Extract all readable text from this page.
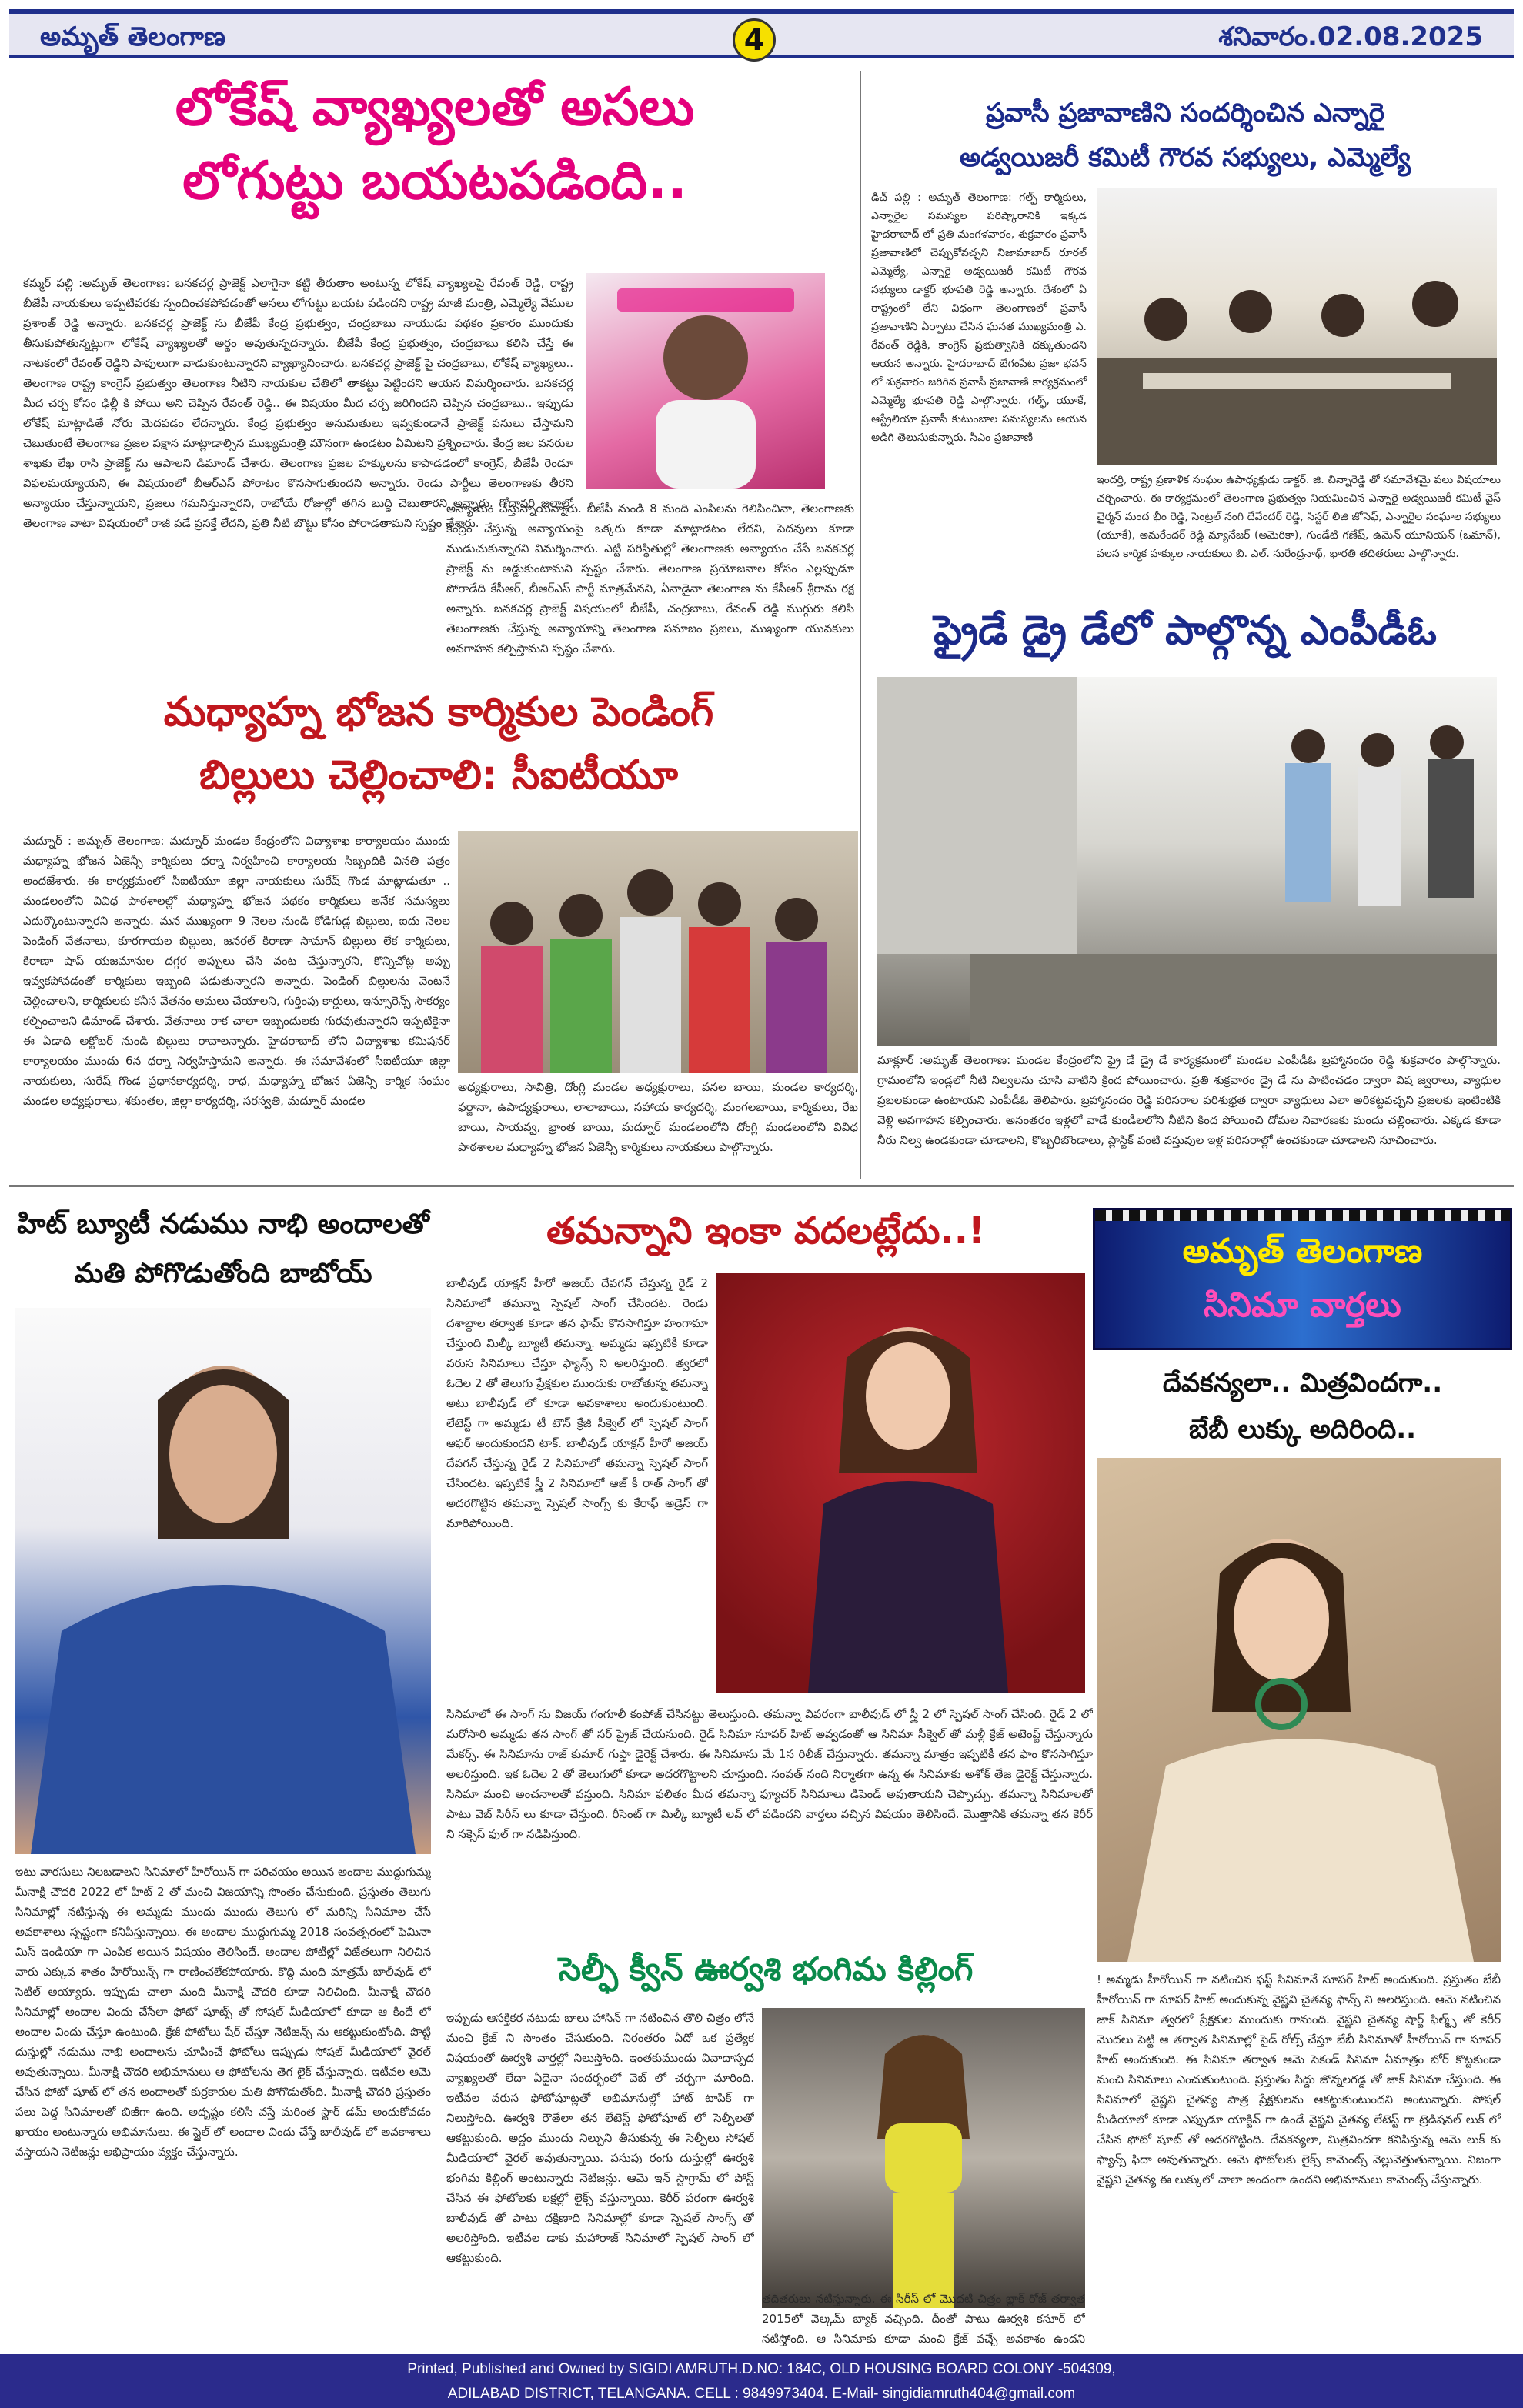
అమృత్ తెలంగాణ	4	శనివారం.02.08.2025
లోకేష్ వ్యాఖ్యలతో అసలు
లోగుట్టు బయటపడింది..
కమ్మర్ పల్లి :అమృత్ తెలంగాణ: బనకచర్ల ప్రాజెక్ట్ ఎలాగైనా కట్టి తీరుతాం అంటున్న లోకేష్ వ్యాఖ్యలపై రేవంత్ రెడ్డి, రాష్ట్ర బీజేపీ నాయకులు ఇప్పటివరకు స్పందించకపోవడంతో అసలు లోగుట్టు బయట పడిందని రాష్ట్ర మాజీ మంత్రి, ఎమ్మెల్యే వేముల ప్రశాంత్ రెడ్డి అన్నారు. బనకచర్ల ప్రాజెక్ట్ ను బీజేపీ కేంద్ర ప్రభుత్వం, చంద్రబాబు నాయుడు పథకం ప్రకారం ముందుకు తీసుకుపోతున్నట్లుగా లోకేష్ వ్యాఖ్యలతో అర్థం అవుతున్నదన్నారు. బీజేపీ కేంద్ర ప్రభుత్వం, చంద్రబాబు కలిసి చేస్తే ఈ నాటకంలో రేవంత్ రెడ్డిని పావులుగా వాడుకుంటున్నారని వ్యాఖ్యానించారు. బనకచర్ల ప్రాజెక్ట్ పై చంద్రబాబు, లోకేష్ వ్యాఖ్యలు.. తెలంగాణ రాష్ట్ర కాంగ్రెస్ ప్రభుత్వం తెలంగాణ నీటిని నాయకుల చేతిలో తాకట్టు పెట్టిందని ఆయన విమర్శించారు. బనకచర్ల మీద చర్చ కోసం ఢిల్లీ కి పోయి అని చెప్పిన రేవంత్ రెడ్డి.. ఈ విషయం మీద చర్చ జరిగిందని చెప్పిన చంద్రబాబు.. ఇప్పుడు లోకేష్ మాట్లాడితే నోరు మెదపడం లేదన్నారు. కేంద్ర ప్రభుత్వం అనుమతులు ఇవ్వకుండానే ప్రాజెక్ట్ పనులు చేస్తామని చెబుతుంటే తెలంగాణ ప్రజల పక్షాన మాట్లాడాల్సిన ముఖ్యమంత్రి మౌనంగా ఉండటం ఏమిటని ప్రశ్నించారు. కేంద్ర జల వనరుల శాఖకు లేఖ రాసి ప్రాజెక్ట్ ను ఆపాలని డిమాండ్ చేశారు. తెలంగాణ ప్రజల హక్కులను కాపాడడంలో కాంగ్రెస్, బీజేపీ రెండూ విఫలమయ్యాయని, ఈ విషయంలో బీఆర్ఎస్ పోరాటం కొనసాగుతుందని అన్నారు. రెండు పార్టీలు తెలంగాణకు తీరని అన్యాయం చేస్తున్నాయని, ప్రజలు గమనిస్తున్నారని, రాబోయే రోజుల్లో తగిన బుద్ధి చెబుతారని అన్నారు. గోదావరి జలాల్లో తెలంగాణ వాటా విషయంలో రాజీ పడే ప్రసక్తే లేదని, ప్రతి నీటి బొట్టు కోసం పోరాడతామని స్పష్టం చేశారు.
అన్యాయం చేస్తున్నాయన్నారు. బీజేపీ నుండి 8 మంది ఎంపిలను గెలిపించినా, తెలంగాణకు కేంద్రం చేస్తున్న అన్యాయంపై ఒక్కరు కూడా మాట్లాడటం లేదని, పెదవులు కూడా ముడుచుకున్నారని విమర్శించారు. ఎట్టి పరిస్థితుల్లో తెలంగాణకు అన్యాయం చేసే బనకచర్ల ప్రాజెక్ట్ ను అడ్డుకుంటామని స్పష్టం చేశారు. తెలంగాణ ప్రయోజనాల కోసం ఎల్లప్పుడూ పోరాడేది కేసీఆర్, బీఆర్ఎస్ పార్టీ మాత్రమేనని, ఏనాడైనా తెలంగాణ ను కేసీఆర్ శ్రీరామ రక్ష అన్నారు. బనకచర్ల ప్రాజెక్ట్ విషయంలో బీజేపీ, చంద్రబాబు, రేవంత్ రెడ్డి ముగ్గురు కలిసి తెలంగాణకు చేస్తున్న అన్యాయాన్ని తెలంగాణ సమాజం ప్రజలు, ముఖ్యంగా యువకులు అవగాహన కల్పిస్తామని స్పష్టం చేశారు.
ప్రవాసీ ప్రజావాణిని సందర్శించిన ఎన్నారై
అడ్వయిజరీ కమిటీ గౌరవ సభ్యులు, ఎమ్మెల్యే
డిచ్ పల్లి : అమృత్ తెలంగాణ: గల్ఫ్ కార్మికులు, ఎన్నారైల సమస్యల పరిష్కారానికి ఇక్కడ హైదరాబాద్ లో ప్రతి మంగళవారం, శుక్రవారం ప్రవాసీ ప్రజావాణిలో చెప్పుకోవచ్చని నిజామాబాద్ రూరల్ ఎమ్మెల్యే, ఎన్నారై అడ్వయిజరీ కమిటీ గౌరవ సభ్యులు డాక్టర్ భూపతి రెడ్డి అన్నారు. దేశంలో ఏ రాష్ట్రంలో లేని విధంగా తెలంగాణలో ప్రవాసీ ప్రజావాణిని ఏర్పాటు చేసిన ఘనత ముఖ్యమంత్రి ఎ. రేవంత్ రెడ్డికి, కాంగ్రెస్ ప్రభుత్వానికి దక్కుతుందని ఆయన అన్నారు. హైదరాబాద్ బేగంపేట ప్రజా భవన్ లో శుక్రవారం జరిగిన ప్రవాసీ ప్రజావాణి కార్యక్రమంలో ఎమ్మెల్యే భూపతి రెడ్డి పాల్గొన్నారు. గల్ఫ్, యూకే, ఆస్ట్రేలియా ప్రవాసీ కుటుంబాల సమస్యలను ఆయన అడిగి తెలుసుకున్నారు. సీఎం ప్రజావాణి
ఇందర్తి, రాష్ట్ర ప్రణాళిక సంఘం ఉపాధ్యక్షుడు డాక్టర్. జి. చిన్నారెడ్డి తో సమావేశమై పలు విషయాలు చర్చించారు. ఈ కార్యక్రమంలో తెలంగాణ ప్రభుత్వం నియమించిన ఎన్నారై అడ్వయిజరీ కమిటీ వైస్ చైర్మన్ మంద భీం రెడ్డి, సెంట్రల్ నంగి దేవేందర్ రెడ్డి, సిస్టర్ లిజి జోసెఫ్, ఎన్నారైల సంఘాల సభ్యులు (యూకే), అమరేందర్ రెడ్డి మ్యానేజర్ (అమెరికా), గుండేటి గణేష్, ఉమెన్ యూనియన్ (ఒమాన్), వలస కార్మిక హక్కుల నాయకులు బి. ఎల్. సురేంద్రనాథ్, భారతి తదితరులు పాల్గొన్నారు.
ఫ్రైడే డ్రై డేలో పాల్గొన్న ఎంపీడీఓ
మాక్లూర్ :అమృత్ తెలంగాణ: మండల కేంద్రంలోని ఫ్రై డే డ్రై డే కార్యక్రమంలో మండల ఎంపీడీఓ బ్రహ్మానందం రెడ్డి శుక్రవారం పాల్గొన్నారు. గ్రామంలోని ఇండ్లలో నీటి నిల్వలను చూసి వాటిని క్రింద పోయించారు. ప్రతి శుక్రవారం డ్రై డే ను పాటించడం ద్వారా విష జ్వరాలు, వ్యాధుల ప్రబలకుండా ఉంటాయని ఎంపీడీఓ తెలిపారు. బ్రహ్మానందం రెడ్డి పరిసరాల పరిశుభ్రత ద్వారా వ్యాధులు ఎలా అరికట్టవచ్చని ప్రజలకు ఇంటింటికి వెళ్లి అవగాహన కల్పించారు. అనంతరం ఇళ్లలో వాడే కుండీలలోని నీటిని కింద పోయించి దోమల నివారణకు మందు చల్లించారు. ఎక్కడ కూడా నీరు నిల్వ ఉండకుండా చూడాలని, కొబ్బరిబొండాలు, ప్లాస్టిక్ వంటి వస్తువుల ఇళ్ల పరిసరాల్లో ఉంచకుండా చూడాలని సూచించారు.
మధ్యాహ్న భోజన కార్మికుల పెండింగ్
బిల్లులు చెల్లించాలి: సీఐటీయూ
మద్నూర్ : అమృత్ తెలంగాణ: మద్నూర్ మండల కేంద్రంలోని విద్యాశాఖ కార్యాలయం ముందు మధ్యాహ్న భోజన ఏజెన్సీ కార్మికులు ధర్నా నిర్వహించి కార్యాలయ సిబ్బందికి వినతి పత్రం అందజేశారు. ఈ కార్యక్రమంలో సీఐటీయూ జిల్లా నాయకులు సురేష్ గొండ మాట్లాడుతూ .. మండలంలోని వివిధ పాఠశాలల్లో మధ్యాహ్న భోజన పథకం కార్మికులు అనేక సమస్యలు ఎదుర్కొంటున్నారని అన్నారు. మన ముఖ్యంగా 9 నెలల నుండి కోడిగుడ్ల బిల్లులు, ఐదు నెలల పెండింగ్ వేతనాలు, కూరగాయల బిల్లులు, జనరల్ కిరాణా సామాన్ బిల్లులు లేక కార్మికులు, కిరాణా షాప్ యజమానుల దగ్గర అప్పులు చేసి వంట చేస్తున్నారని, కొన్నిచోట్ల అప్పు ఇవ్వకపోవడంతో కార్మికులు ఇబ్బంది పడుతున్నారని అన్నారు. పెండింగ్ బిల్లులను వెంటనే చెల్లించాలని, కార్మికులకు కనీస వేతనం అమలు చేయాలని, గుర్తింపు కార్డులు, ఇన్సూరెన్స్ సౌకర్యం కల్పించాలని డిమాండ్ చేశారు. వేతనాలు రాక చాలా ఇబ్బందులకు గురవుతున్నారని ఇప్పటికైనా ఈ ఏడాది అక్టోబర్ నుండి బిల్లులు రావాలన్నారు. హైదరాబాద్ లోని విద్యాశాఖ కమిషనర్ కార్యాలయం ముందు 6న ధర్నా నిర్వహిస్తామని అన్నారు. ఈ సమావేశంలో సీఐటీయూ జిల్లా నాయకులు, సురేష్ గొండ ప్రధానకార్యదర్శి, రాధ, మధ్యాహ్న భోజన ఏజెన్సీ కార్మిక సంఘం మండల అధ్యక్షురాలు, శకుంతల, జిల్లా కార్యదర్శి, సరస్వతి, మద్నూర్ మండల
అధ్యక్షురాలు, సావిత్రి, దోంగ్లి మండల అధ్యక్షురాలు, వనల బాయి, మండల కార్యదర్శి, ఫర్జానా, ఉపాధ్యక్షురాలు, లాలాబాయి, సహాయ కార్యదర్శి, మంగలబాయి, కార్మికులు, రేఖ బాయి, సాయవ్వ, భ్రాంత బాయి, మద్నూర్ మండలంలోని దోంగ్లి మండలంలోని వివిధ పాఠశాలల మధ్యాహ్న భోజన ఏజెన్సీ కార్మికులు నాయకులు పాల్గొన్నారు.
హిట్ బ్యూటీ నడుము నాభి అందాలతో
మతి పోగొడుతోంది బాబోయ్
ఇటు వారసులు నిలబడాలని సినిమాలో హీరోయిన్ గా పరిచయం అయిన అందాల ముద్దుగుమ్మ మీనాక్షి చౌదరి 2022 లో హిట్ 2 తో మంచి విజయాన్ని సొంతం చేసుకుంది. ప్రస్తుతం తెలుగు సినిమాల్లో నటిస్తున్న ఈ అమ్మడు ముందు ముందు తెలుగు లో మరిన్ని సినిమాల చేసే అవకాశాలు స్పష్టంగా కనిపిస్తున్నాయి. ఈ అందాల ముద్దుగుమ్మ 2018 సంవత్సరంలో ఫెమినా మిస్ ఇండియా గా ఎంపిక అయిన విషయం తెలిసిందే. అందాల పోటీల్లో విజేతలుగా నిలిచిన వారు ఎక్కువ శాతం హీరోయిన్స్ గా రాణించలేకపోయారు. కొద్ది మంది మాత్రమే బాలీవుడ్ లో సెటిల్ అయ్యారు. ఇప్పుడు చాలా మంది మీనాక్షి చౌదరి కూడా నిలిచింది. మీనాక్షి చౌదరి సినిమాల్లో అందాల విందు చేసేలా ఫోటో షూట్స్ తో సోషల్ మీడియాలో కూడా ఆ కిందే లో అందాల విందు చేస్తూ ఉంటుంది. క్రేజీ ఫోటోలు షేర్ చేస్తూ నెటిజన్స్ ను ఆకట్టుకుంటోంది. పొట్టి దుస్తుల్లో నడుము నాభి అందాలను చూపించే ఫోటోలు ఇప్పుడు సోషల్ మీడియాలో వైరల్ అవుతున్నాయి. మీనాక్షి చౌదరి అభిమానులు ఆ ఫోటోలను తెగ లైక్ చేస్తున్నారు. ఇటీవల ఆమె చేసిన ఫోటో షూట్ లో తన అందాలతో కుర్రకారుల మతి పోగొడుతోంది. మీనాక్షి చౌదరి ప్రస్తుతం పలు పెద్ద సినిమాలతో బిజీగా ఉంది. అదృష్టం కలిసి వస్తే మరింత స్టార్ డమ్ అందుకోవడం ఖాయం అంటున్నారు అభిమానులు. ఈ స్టైల్ లో అందాల విందు చేస్తే బాలీవుడ్ లో అవకాశాలు వస్తాయని నెటిజన్లు అభిప్రాయం వ్యక్తం చేస్తున్నారు.
తమన్నాని ఇంకా వదలట్లేదు..!
బాలీవుడ్ యాక్షన్ హీరో అజయ్ దేవగన్ చేస్తున్న రైడ్ 2 సినిమాలో తమన్నా స్పెషల్ సాంగ్ చేసిందట. రెండు దశాబ్దాల తర్వాత కూడా తన ఫామ్ కొనసాగిస్తూ హంగామా చేస్తుంది మిల్కీ బ్యూటీ తమన్నా. అమ్మడు ఇప్పటికీ కూడా వరుస సినిమాలు చేస్తూ ఫ్యాన్స్ ని అలరిస్తుంది. త్వరలో ఓదెల 2 తో తెలుగు ప్రేక్షకుల ముందుకు రాబోతున్న తమన్నా అటు బాలీవుడ్ లో కూడా అవకాశాలు అందుకుంటుంది. లేటెస్ట్ గా అమ్మడు టీ టౌన్ క్రేజీ సీక్వెల్ లో స్పెషల్ సాంగ్ ఆఫర్ అందుకుందని టాక్. బాలీవుడ్ యాక్షన్ హీరో అజయ్ దేవగన్ చేస్తున్న రైడ్ 2 సినిమాలో తమన్నా స్పెషల్ సాంగ్ చేసిందట. ఇప్పటికే స్త్రీ 2 సినిమాలో ఆజ్ కీ రాత్ సాంగ్ తో అదరగొట్టిన తమన్నా స్పెషల్ సాంగ్స్ కు కేరాఫ్ అడ్రెస్ గా మారిపోయింది.
సినిమాలో ఈ సాంగ్ ను విజయ్ గంగూలీ కంపోజ్ చేసినట్టు తెలుస్తుంది. తమన్నా వివరంగా బాలీవుడ్ లో స్త్రీ 2 లో స్పెషల్ సాంగ్ చేసింది. రైడ్ 2 లో మరోసారి అమ్మడు తన సాంగ్ తో సర్ ప్రైజ్ చేయనుంది. రైడ్ సినిమా సూపర్ హిట్ అవ్వడంతో ఆ సినిమా సీక్వెల్ తో మళ్లీ క్రేజ్ అటెంప్ట్ చేస్తున్నారు మేకర్స్. ఈ సినిమాను రాజ్ కుమార్ గుప్తా డైరెక్ట్ చేశారు. ఈ సినిమాను మే 1న రిలీజ్ చేస్తున్నారు. తమన్నా మాత్రం ఇప్పటికీ తన ఫాం కొనసాగిస్తూ అలరిస్తుంది. ఇక ఓదెల 2 తో తెలుగులో కూడా అదరగొట్టాలని చూస్తుంది. సంపత్ నంది నిర్మాతగా ఉన్న ఈ సినిమాకు అశోక్ తేజ డైరెక్ట్ చేస్తున్నారు. సినిమా మంచి అంచనాలతో వస్తుంది. సినిమా ఫలితం మీద తమన్నా ఫ్యూచర్ సినిమాలు డిపెండ్ అవుతాయని చెప్పొచ్చు. తమన్నా సినిమాలతో పాటు వెబ్ సిరీస్ లు కూడా చేస్తుంది. రీసెంట్ గా మిల్కీ బ్యూటీ లవ్ లో పడిందని వార్తలు వచ్చిన విషయం తెలిసిందే. మొత్తానికి తమన్నా తన కెరీర్ ని సక్సెస్ ఫుల్ గా నడిపిస్తుంది.
సెల్ఫీ క్వీన్ ఊర్వశి భంగిమ కిల్లింగ్
ఇప్పుడు ఆసక్తికర నటుడు బాలు హాసిన్ గా నటించిన తొలి చిత్రం లోనే మంచి క్రేజ్ ని సొంతం చేసుకుంది. నిరంతరం ఏదో ఒక ప్రత్యేక విషయంతో ఊర్వశీ వార్తల్లో నిలుస్తోంది. ఇంతకుముందు వివాదాస్పద వ్యాఖ్యలతో లేదా ఏదైనా సందర్భంలో వెబ్ లో చర్చగా మారింది. ఇటీవల వరుస ఫోటోషూట్లతో అభిమానుల్లో హాట్ టాపిక్ గా నిలుస్తోంది. ఊర్వశి రౌతేలా తన లేటెస్ట్ ఫోటోషూట్ లో సెల్ఫీలతో ఆకట్టుకుంది. అద్దం ముందు నిల్చుని తీసుకున్న ఈ సెల్ఫీలు సోషల్ మీడియాలో వైరల్ అవుతున్నాయి. పసుపు రంగు దుస్తుల్లో ఊర్వశి భంగిమ కిల్లింగ్ అంటున్నారు నెటిజన్లు. ఆమె ఇన్ స్టాగ్రామ్ లో పోస్ట్ చేసిన ఈ ఫోటోలకు లక్షల్లో లైక్స్ వస్తున్నాయి. కెరీర్ పరంగా ఊర్వశి బాలీవుడ్ తో పాటు దక్షిణాది సినిమాల్లో కూడా స్పెషల్ సాంగ్స్ తో అలరిస్తోంది. ఇటీవల డాకు మహారాజ్ సినిమాలో స్పెషల్ సాంగ్ లో ఆకట్టుకుంది.
తదితరులు నటిస్తున్నారు. ఈ సిరీస్ లో మొదటి చిత్రం బ్లాక్ రోజ్ తర్వాత 2015లో వెల్కమ్ బ్యాక్ వచ్చింది. దీంతో పాటు ఊర్వశి కసూర్ లో నటిస్తోంది. ఆ సినిమాకు కూడా మంచి క్రేజ్ వచ్చే అవకాశం ఉందని
అమృత్ తెలంగాణ
సినిమా వార్తలు
దేవకన్యలా.. మిత్రవిందగా..
బేబీ లుక్కు అదిరింది..
! అమ్మడు హీరోయిన్ గా నటించిన ఫస్ట్ సినిమానే సూపర్ హిట్ అందుకుంది. ప్రస్తుతం బేబీ హీరోయిన్ గా సూపర్ హిట్ అందుకున్న వైష్ణవి చైతన్య ఫాన్స్ ని అలరిస్తుంది. ఆమె నటించిన జాక్ సినిమా త్వరలో ప్రేక్షకుల ముందుకు రానుంది. వైష్ణవి చైతన్య షార్ట్ ఫిల్మ్స్ తో కెరీర్ మొదలు పెట్టి ఆ తర్వాత సినిమాల్లో సైడ్ రోల్స్ చేస్తూ బేబీ సినిమాతో హీరోయిన్ గా సూపర్ హిట్ అందుకుంది. ఈ సినిమా తర్వాత ఆమె సెకండ్ సినిమా ఏమాత్రం బోర్ కొట్టకుండా మంచి సినిమాలు ఎంచుకుంటుంది. ప్రస్తుతం సిద్దు జొన్నలగడ్డ తో జాక్ సినిమా చేస్తుంది. ఈ సినిమాలో వైష్ణవి చైతన్య పాత్ర ప్రేక్షకులను ఆకట్టుకుంటుందని అంటున్నారు. సోషల్ మీడియాలో కూడా ఎప్పుడూ యాక్టివ్ గా ఉండే వైష్ణవి చైతన్య లేటెస్ట్ గా ట్రెడిషనల్ లుక్ లో చేసిన ఫోటో షూట్ తో అదరగొట్టింది. దేవకన్యలా, మిత్రవిందగా కనిపిస్తున్న ఆమె లుక్ కు ఫ్యాన్స్ ఫిదా అవుతున్నారు. ఆమె ఫోటోలకు లైక్స్ కామెంట్స్ వెల్లువెత్తుతున్నాయి. నిజంగా వైష్ణవి చైతన్య ఈ లుక్కులో చాలా అందంగా ఉందని అభిమానులు కామెంట్స్ చేస్తున్నారు.
Printed, Published and Owned by SIGIDI AMRUTH.D.NO: 184C, OLD HOUSING BOARD COLONY -504309,
ADILABAD DISTRICT, TELANGANA. CELL : 9849973404. E-Mail- singidiamruth404@gmail.com
